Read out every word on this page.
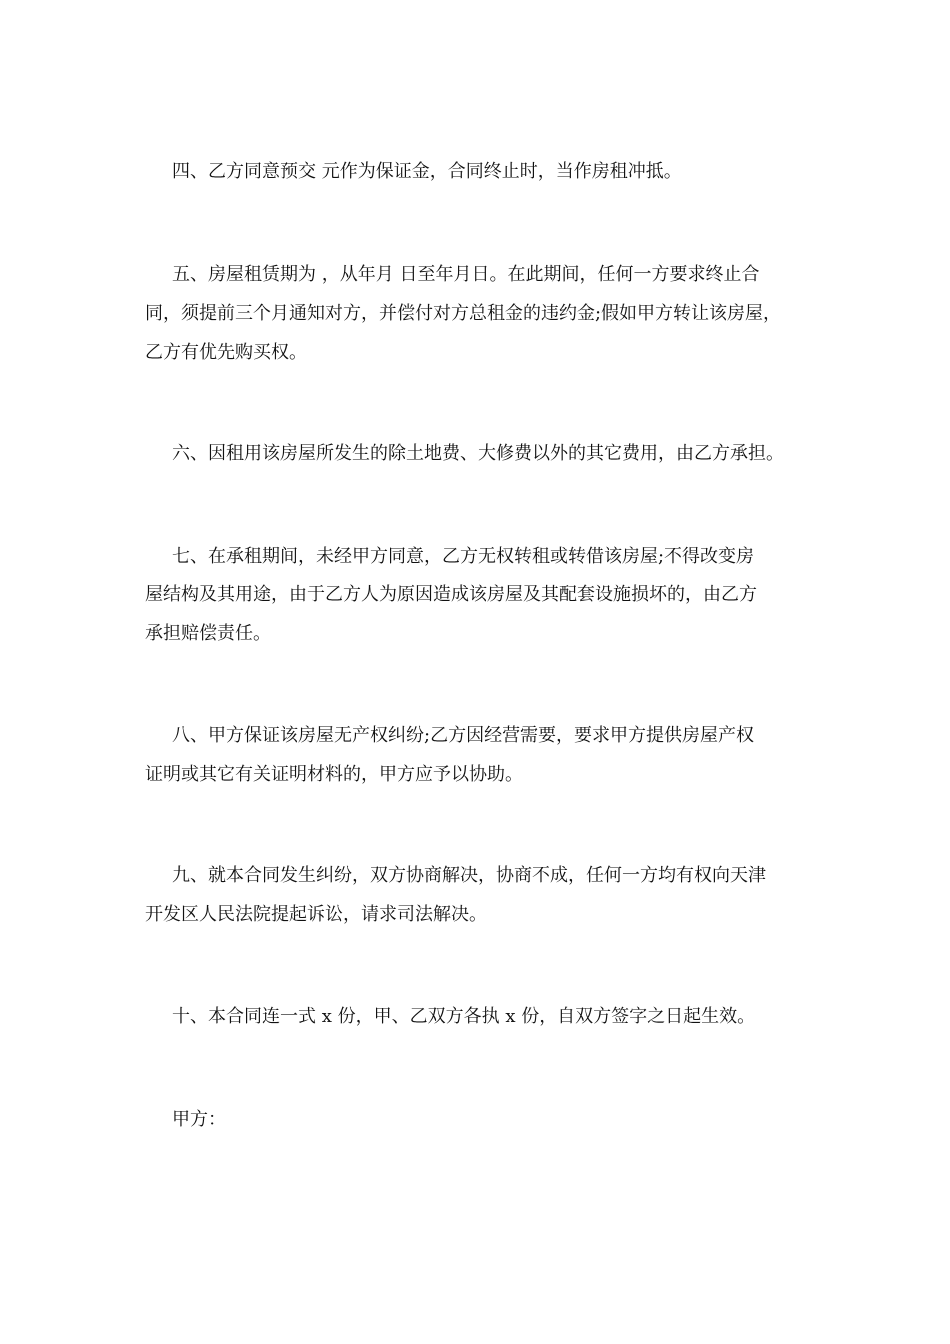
四、乙方同意预交 元作为保证金，合同终止时，当作房租冲抵。
五、房屋租赁期为 ，从年月 日至年月日。在此期间，任何一方要求终止合
同，须提前三个月通知对方，并偿付对方总租金的违约金;假如甲方转让该房屋，
乙方有优先购买权。
六、因租用该房屋所发生的除土地费、大修费以外的其它费用，由乙方承担。
七、在承租期间，未经甲方同意，乙方无权转租或转借该房屋;不得改变房
屋结构及其用途，由于乙方人为原因造成该房屋及其配套设施损坏的，由乙方
承担赔偿责任。
八、甲方保证该房屋无产权纠纷;乙方因经营需要，要求甲方提供房屋产权
证明或其它有关证明材料的，甲方应予以协助。
九、就本合同发生纠纷，双方协商解决，协商不成，任何一方均有权向天津
开发区人民法院提起诉讼，请求司法解决。
十、本合同连一式 x 份，甲、乙双方各执 x 份，自双方签字之日起生效。
甲方：
